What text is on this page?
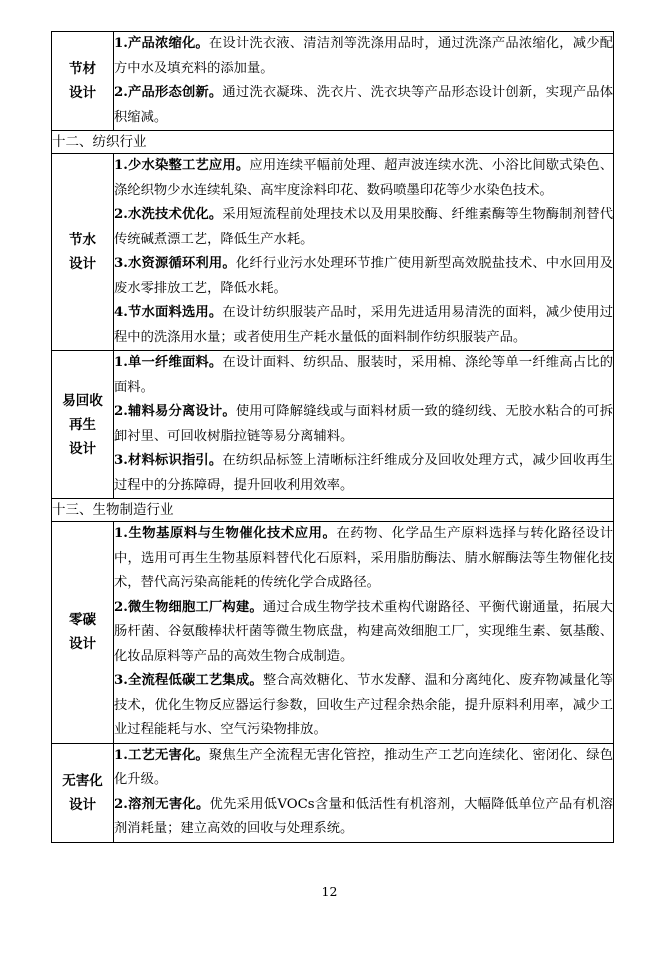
节材
设计	1.产品浓缩化。在设计洗衣液、清洁剂等洗涤用品时，通过洗涤产品浓缩化，减少配方中水及填充料的添加量。
2.产品形态创新。通过洗衣凝珠、洗衣片、洗衣块等产品形态设计创新，实现产品体积缩减。

十二、纺织行业	

节水
设计	1.少水染整工艺应用。应用连续平幅前处理、超声波连续水洗、小浴比间歇式染色、涤纶织物少水连续轧染、高牢度涂料印花、数码喷墨印花等少水染色技术。
2.水洗技术优化。采用短流程前处理技术以及用果胶酶、纤维素酶等生物酶制剂替代传统碱煮漂工艺，降低生产水耗。
3.水资源循环利用。化纤行业污水处理环节推广使用新型高效脱盐技术、中水回用及废水零排放工艺，降低水耗。
4.节水面料选用。在设计纺织服装产品时，采用先进适用易清洗的面料，减少使用过程中的洗涤用水量；或者使用生产耗水量低的面料制作纺织服装产品。

易回收
再生
设计	1.单一纤维面料。在设计面料、纺织品、服装时，采用棉、涤纶等单一纤维高占比的面料。
2.辅料易分离设计。使用可降解缝线或与面料材质一致的缝纫线、无胶水粘合的可拆卸衬里、可回收树脂拉链等易分离辅料。
3.材料标识指引。在纺织品标签上清晰标注纤维成分及回收处理方式，减少回收再生过程中的分拣障碍，提升回收利用效率。

十三、生物制造行业	

零碳
设计	1.生物基原料与生物催化技术应用。在药物、化学品生产原料选择与转化路径设计中，选用可再生生物基原料替代化石原料，采用脂肪酶法、腈水解酶法等生物催化技术，替代高污染高能耗的传统化学合成路径。
2.微生物细胞工厂构建。通过合成生物学技术重构代谢路径、平衡代谢通量，拓展大肠杆菌、谷氨酸棒状杆菌等微生物底盘，构建高效细胞工厂，实现维生素、氨基酸、化妆品原料等产品的高效生物合成制造。
3.全流程低碳工艺集成。整合高效糖化、节水发酵、温和分离纯化、废弃物减量化等技术，优化生物反应器运行参数，回收生产过程余热余能，提升原料利用率，减少工业过程能耗与水、空气污染物排放。

无害化
设计	1.工艺无害化。聚焦生产全流程无害化管控，推动生产工艺向连续化、密闭化、绿色化升级。
2.溶剂无害化。优先采用低VOCs含量和低活性有机溶剂，大幅降低单位产品有机溶剂消耗量；建立高效的回收与处理系统。
12
